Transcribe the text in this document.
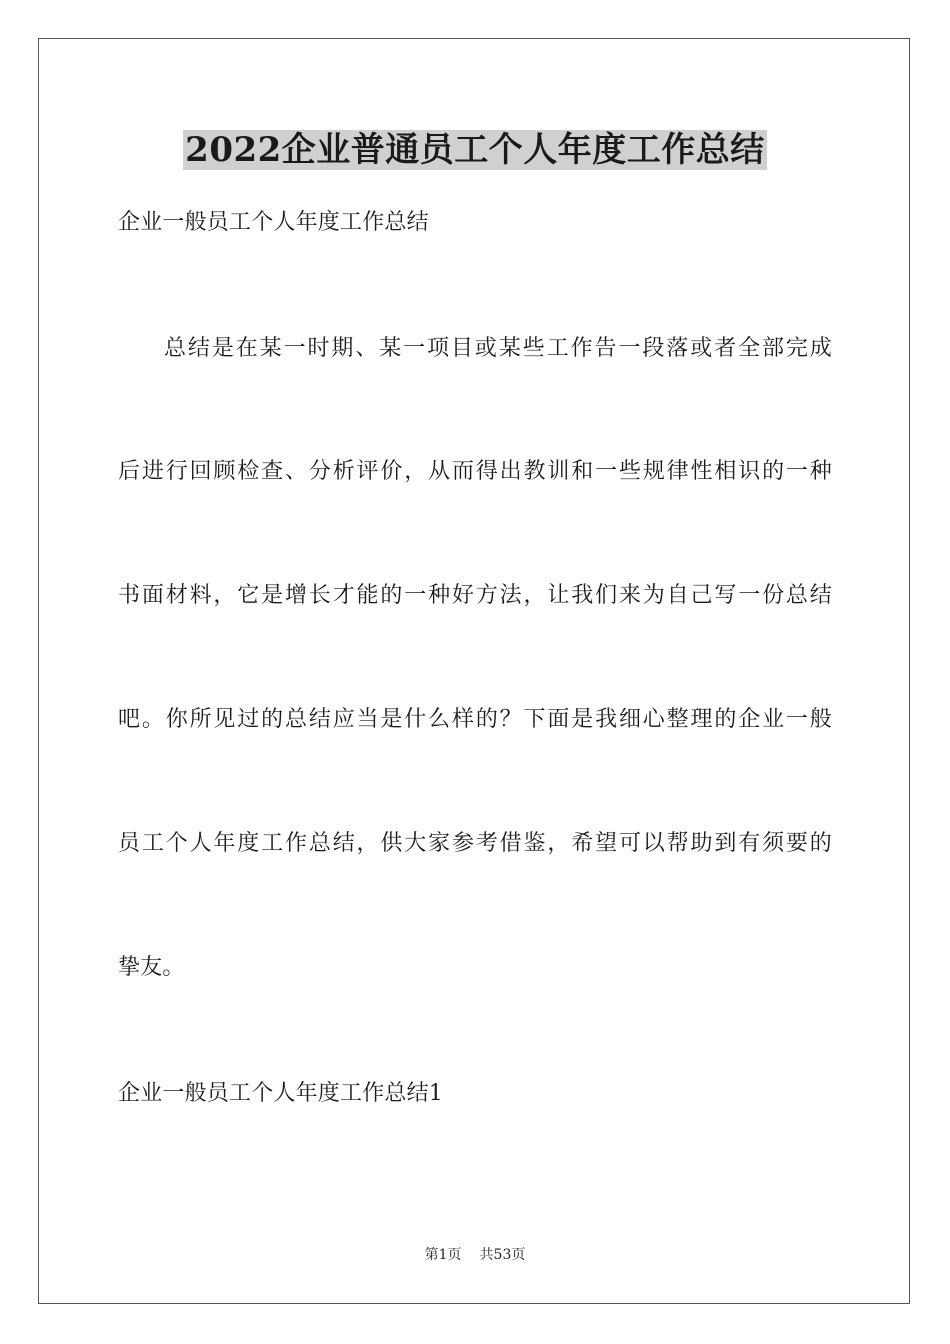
2022企业普通员工个人年度工作总结
企业一般员工个人年度工作总结
总结是在某一时期、某一项目或某些工作告一段落或者全部完成
后进行回顾检查、分析评价，从而得出教训和一些规律性相识的一种
书面材料，它是增长才能的一种好方法，让我们来为自己写一份总结
吧。你所见过的总结应当是什么样的？下面是我细心整理的企业一般
员工个人年度工作总结，供大家参考借鉴，希望可以帮助到有须要的
挚友。
企业一般员工个人年度工作总结1
第1页 共53页
